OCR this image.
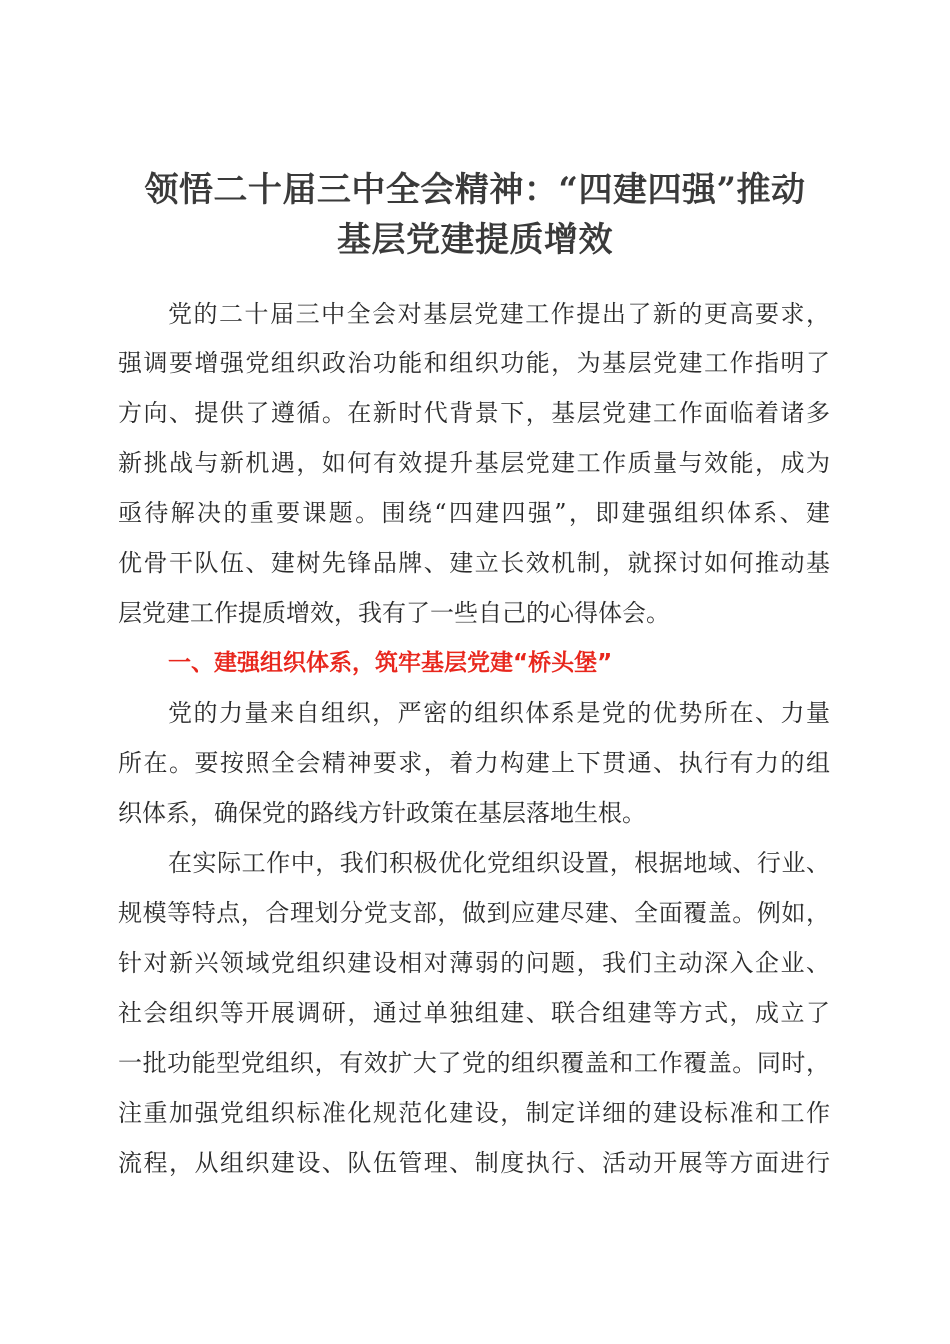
领悟二十届三中全会精神：“四建四强”推动
基层党建提质增效

党的二十届三中全会对基层党建工作提出了新的更高要求，

强调要增强党组织政治功能和组织功能，为基层党建工作指明了

方向、提供了遵循。在新时代背景下，基层党建工作面临着诸多

新挑战与新机遇，如何有效提升基层党建工作质量与效能，成为

亟待解决的重要课题。围绕“四建四强”，即建强组织体系、建

优骨干队伍、建树先锋品牌、建立长效机制，就探讨如何推动基

层党建工作提质增效，我有了一些自己的心得体会。

一、建强组织体系，筑牢基层党建“桥头堡”

党的力量来自组织，严密的组织体系是党的优势所在、力量

所在。要按照全会精神要求，着力构建上下贯通、执行有力的组

织体系，确保党的路线方针政策在基层落地生根。

在实际工作中，我们积极优化党组织设置，根据地域、行业、

规模等特点，合理划分党支部，做到应建尽建、全面覆盖。例如，

针对新兴领域党组织建设相对薄弱的问题，我们主动深入企业、

社会组织等开展调研，通过单独组建、联合组建等方式，成立了

一批功能型党组织，有效扩大了党的组织覆盖和工作覆盖。同时，

注重加强党组织标准化规范化建设，制定详细的建设标准和工作

流程，从组织建设、队伍管理、制度执行、活动开展等方面进行
